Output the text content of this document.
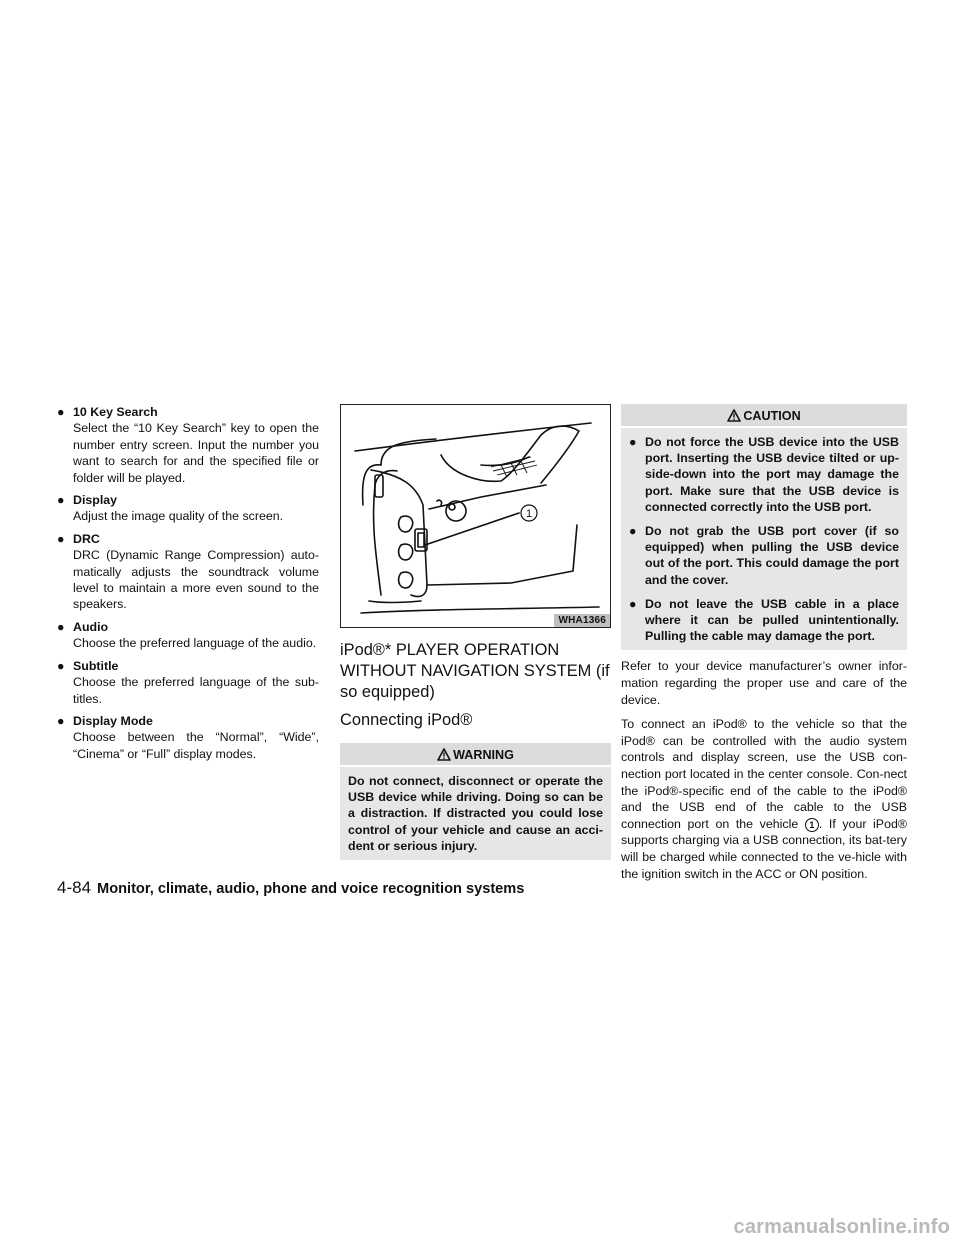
● 10 Key Search
Select the “10 Key Search” key to open the number entry screen. Input the number you want to search for and the specified file or folder will be played.
● Display
Adjust the image quality of the screen.
● DRC
DRC (Dynamic Range Compression) auto-matically adjusts the soundtrack volume level to maintain a more even sound to the speakers.
● Audio
Choose the preferred language of the audio.
● Subtitle
Choose the preferred language of the sub-titles.
● Display Mode
Choose between the “Normal”, “Wide”, “Cinema” or “Full” display modes.
1
WHA1366
iPod®* PLAYER OPERATION WITHOUT NAVIGATION SYSTEM (if so equipped)
Connecting iPod®
WARNING
Do not connect, disconnect or operate the USB device while driving. Doing so can be a distraction. If distracted you could lose control of your vehicle and cause an acci-dent or serious injury.
CAUTION
● Do not force the USB device into the USB port. Inserting the USB device tilted or up-side-down into the port may damage the port. Make sure that the USB device is connected correctly into the USB port.
● Do not grab the USB port cover (if so equipped) when pulling the USB device out of the port. This could damage the port and the cover.
● Do not leave the USB cable in a place where it can be pulled unintentionally. Pulling the cable may damage the port.

Refer to your device manufacturer’s owner infor-mation regarding the proper use and care of the device.

To connect an iPod® to the vehicle so that the iPod® can be controlled with the audio system controls and display screen, use the USB con-nection port located in the center console. Con-nect the iPod®-specific end of the cable to the iPod® and the USB end of the cable to the USB connection port on the vehicle 1 . If your iPod® supports charging via a USB connection, its bat-tery will be charged while connected to the ve-hicle with the ignition switch in the ACC or ON position.

4-84 Monitor, climate, audio, phone and voice recognition systems
carmanualsonline.info
